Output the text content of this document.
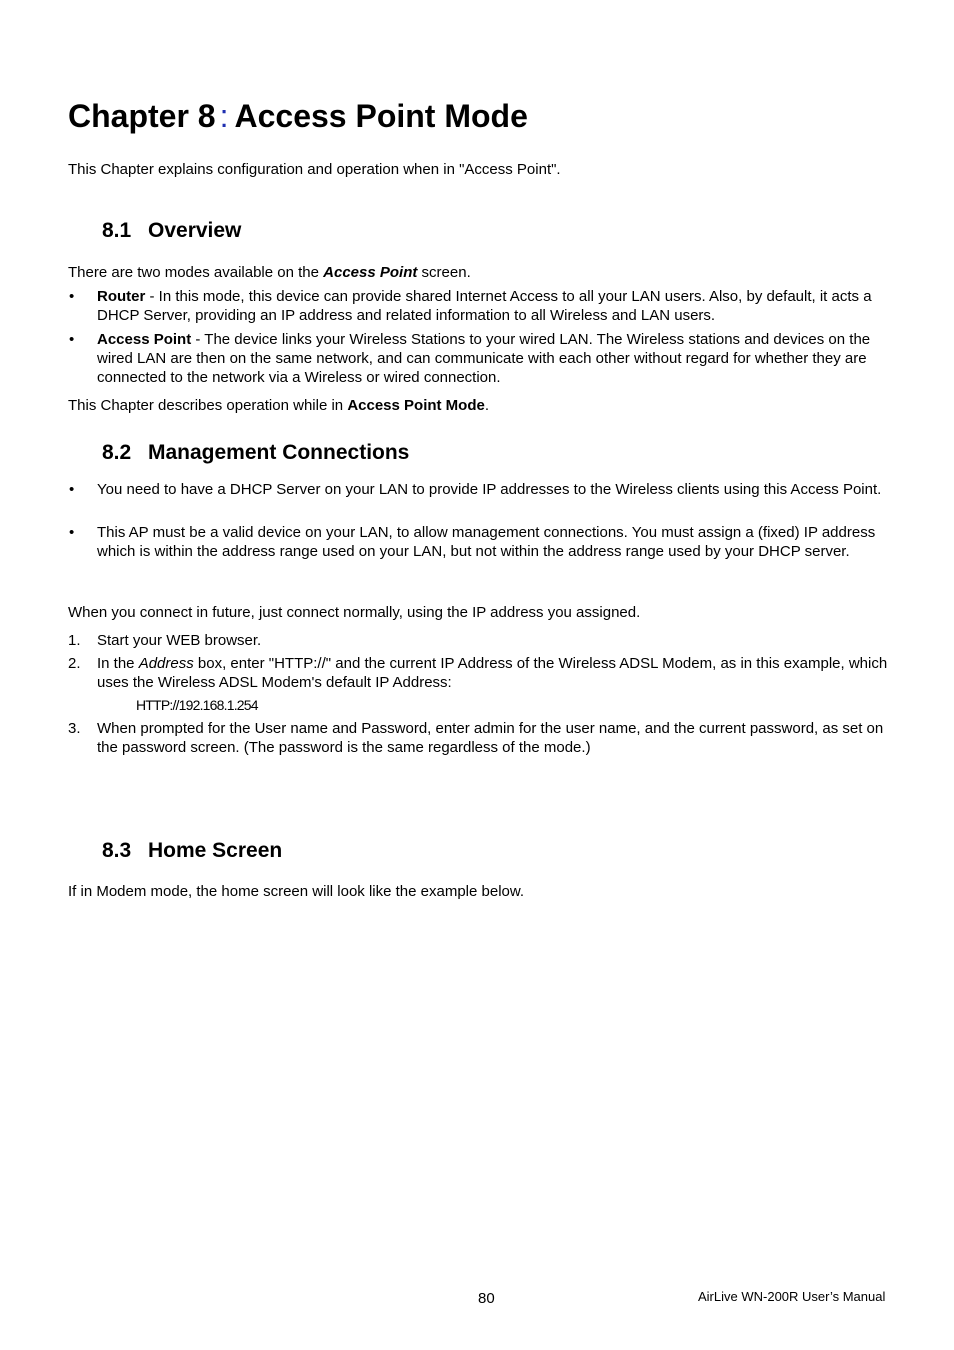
Chapter 8 : Access Point Mode

This Chapter explains configuration and operation when in "Access Point".

8.1 Overview

There are two modes available on the Access Point screen.

• Router - In this mode, this device can provide shared Internet Access to all your LAN users. Also, by default, it acts a DHCP Server, providing an IP address and related information to all Wireless and LAN users.
• Access Point - The device links your Wireless Stations to your wired LAN. The Wireless stations and devices on the wired LAN are then on the same network, and can communicate with each other without regard for whether they are connected to the network via a Wireless or wired connection.

This Chapter describes operation while in Access Point Mode.

8.2 Management Connections
• You need to have a DHCP Server on your LAN to provide IP addresses to the Wireless clients using this Access Point.
• This AP must be a valid device on your LAN, to allow management connections. You must assign a (fixed) IP address which is within the address range used on your LAN, but not within the address range used by your DHCP server.

When you connect in future, just connect normally, using the IP address you assigned.

1.	Start your WEB browser.
2.	In the Address box, enter "HTTP://" and the current IP Address of the Wireless ADSL Modem, as in this example, which uses the Wireless ADSL Modem's default IP Address:
HTTP://192.168.1.254
3.	When prompted for the User name and Password, enter admin for the user name, and the current password, as set on the password screen. (The password is the same regardless of the mode.)
8.3 Home Screen

If in Modem mode, the home screen will look like the example below.

80	AirLive WN-200R User’s Manual
